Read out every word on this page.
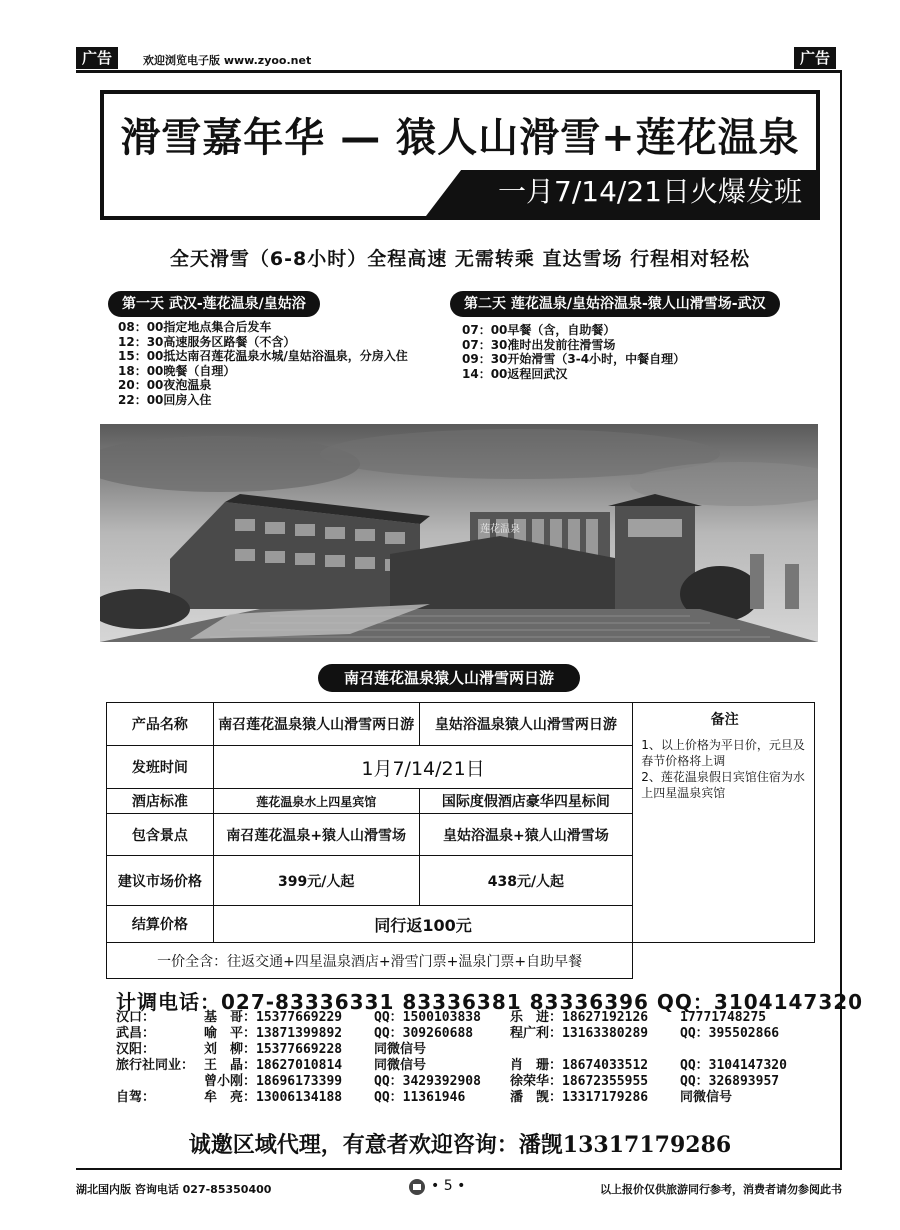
广告	欢迎浏览电子版 www.zyoo.net	广告
滑雪嘉年华 — 猿人山滑雪+莲花温泉
一月7/14/21日火爆发班
全天滑雪（6-8小时）全程高速 无需转乘 直达雪场 行程相对轻松
第一天 武汉-莲花温泉/皇姑浴
08：00指定地点集合后发车
12：30高速服务区路餐（不含）
15：00抵达南召莲花温泉水城/皇姑浴温泉，分房入住
18：00晚餐（自理）
20：00夜泡温泉
22：00回房入住
第二天 莲花温泉/皇姑浴温泉-猿人山滑雪场-武汉
07：00早餐（含，自助餐）
07：30准时出发前往滑雪场
09：30开始滑雪（3-4小时，中餐自理）
14：00返程回武汉
莲花温泉
南召莲花温泉猿人山滑雪两日游
产品名称	南召莲花温泉猿人山滑雪两日游	皇姑浴温泉猿人山滑雪两日游	备注
1、以上价格为平日价，元旦及春节价格将上调
2、莲花温泉假日宾馆住宿为水上四星温泉宾馆

发班时间	1月7/14/21日		
酒店标准	莲花温泉水上四星宾馆	国际度假酒店豪华四星标间	
包含景点	南召莲花温泉+猿人山滑雪场	皇姑浴温泉+猿人山滑雪场	
建议市场价格	399元/人起	438元/人起	
结算价格	同行返100元		
一价全含：往返交通+四星温泉酒店+滑雪门票+温泉门票+自助早餐			
计调电话：027-83336331 83336381 83336396 QQ：3104147320
汉口：	基　哥：15377669229 QQ：1500103838 乐　进：18627192126 17771748275
武昌：	喻　平：13871399892 QQ：309260688	程广利：13163380289 QQ：395502866
汉阳：	刘　柳：15377669228 同微信号
旅行社同业： 王　晶：18627010814 同微信号	肖　珊：18674033512 QQ：3104147320
曾小刚：18696173399 QQ：3429392908 徐荣华：18672355955 QQ：326893957
自驾：	牟　亮：13006134188 QQ：11361946	潘　觊：13317179286 同微信号
诚邀区域代理，有意者欢迎咨询：潘觊13317179286
湖北国内版 咨询电话 027-85350400	• 5 •	以上报价仅供旅游同行参考，消费者请勿参阅此书
